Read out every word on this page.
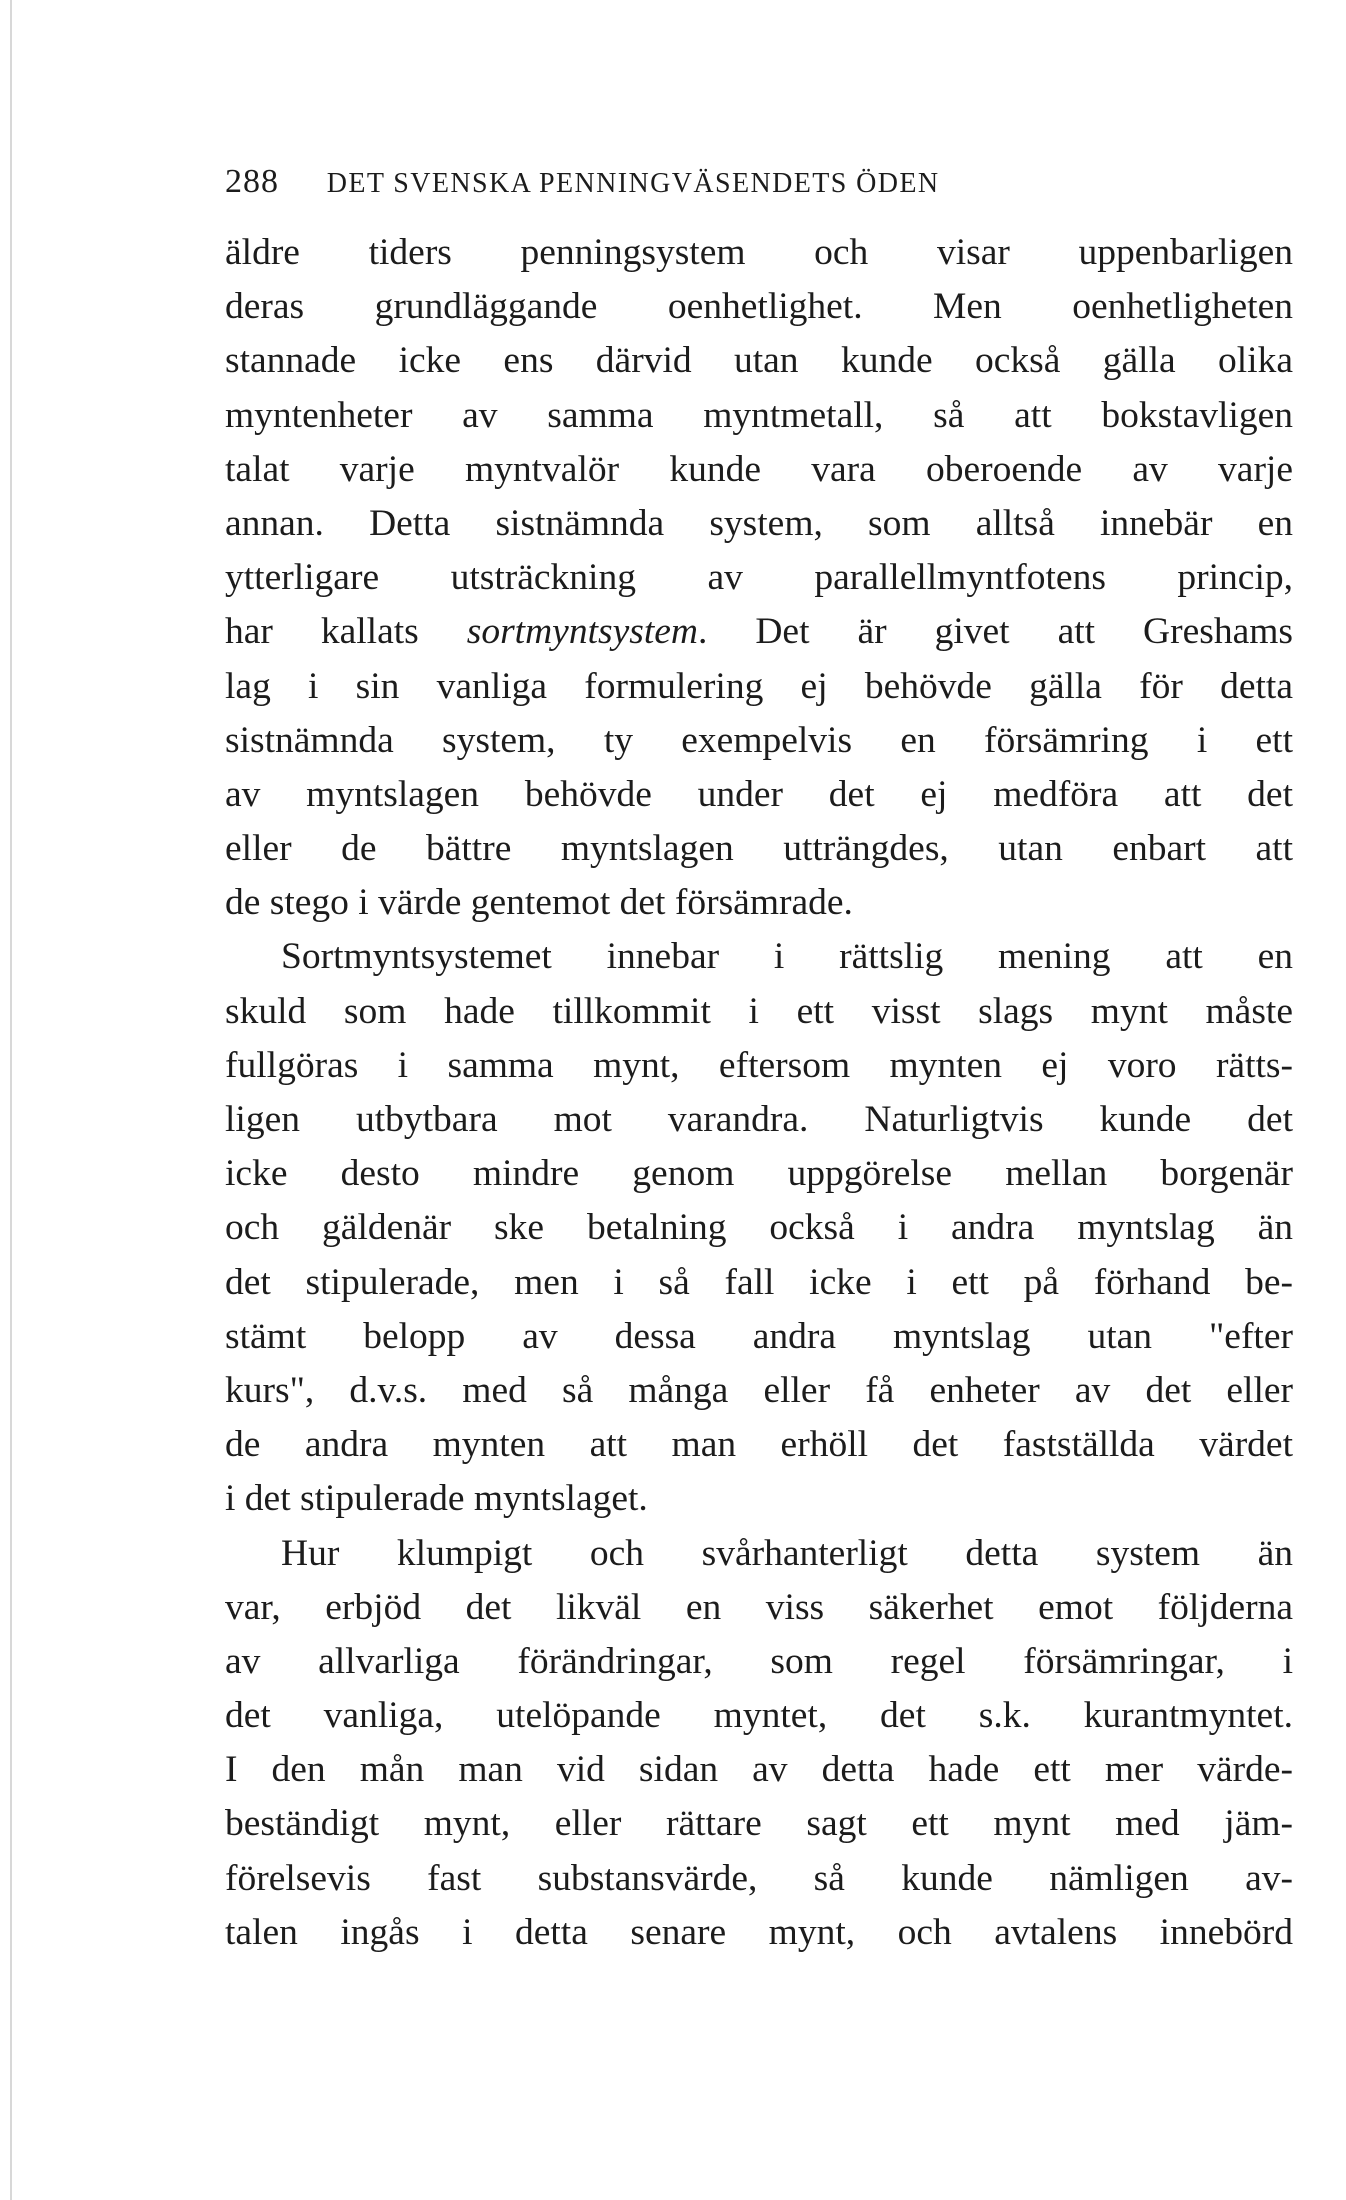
288 DET SVENSKA PENNINGVÄSENDETS ÖDEN
äldre tiders penningsystem och visar uppenbarligen
deras grundläggande oenhetlighet. Men oenhetligheten
stannade icke ens därvid utan kunde också gälla olika
myntenheter av samma myntmetall, så att bokstavligen
talat varje myntvalör kunde vara oberoende av varje
annan. Detta sistnämnda system, som alltså innebär en
ytterligare utsträckning av parallellmyntfotens princip,
har kallats sortmyntsystem. Det är givet att Greshams
lag i sin vanliga formulering ej behövde gälla för detta
sistnämnda system, ty exempelvis en försämring i ett
av myntslagen behövde under det ej medföra att det
eller de bättre myntslagen utträngdes, utan enbart att
de stego i värde gentemot det försämrade.
Sortmyntsystemet innebar i rättslig mening att en
skuld som hade tillkommit i ett visst slags mynt måste
fullgöras i samma mynt, eftersom mynten ej voro rätts-
ligen utbytbara mot varandra. Naturligtvis kunde det
icke desto mindre genom uppgörelse mellan borgenär
och gäldenär ske betalning också i andra myntslag än
det stipulerade, men i så fall icke i ett på förhand be-
stämt belopp av dessa andra myntslag utan "efter
kurs", d.v.s. med så många eller få enheter av det eller
de andra mynten att man erhöll det fastställda värdet
i det stipulerade myntslaget.
Hur klumpigt och svårhanterligt detta system än
var, erbjöd det likväl en viss säkerhet emot följderna
av allvarliga förändringar, som regel försämringar, i
det vanliga, utelöpande myntet, det s.k. kurantmyntet.
I den mån man vid sidan av detta hade ett mer värde-
beständigt mynt, eller rättare sagt ett mynt med jäm-
förelsevis fast substansvärde, så kunde nämligen av-
talen ingås i detta senare mynt, och avtalens innebörd
